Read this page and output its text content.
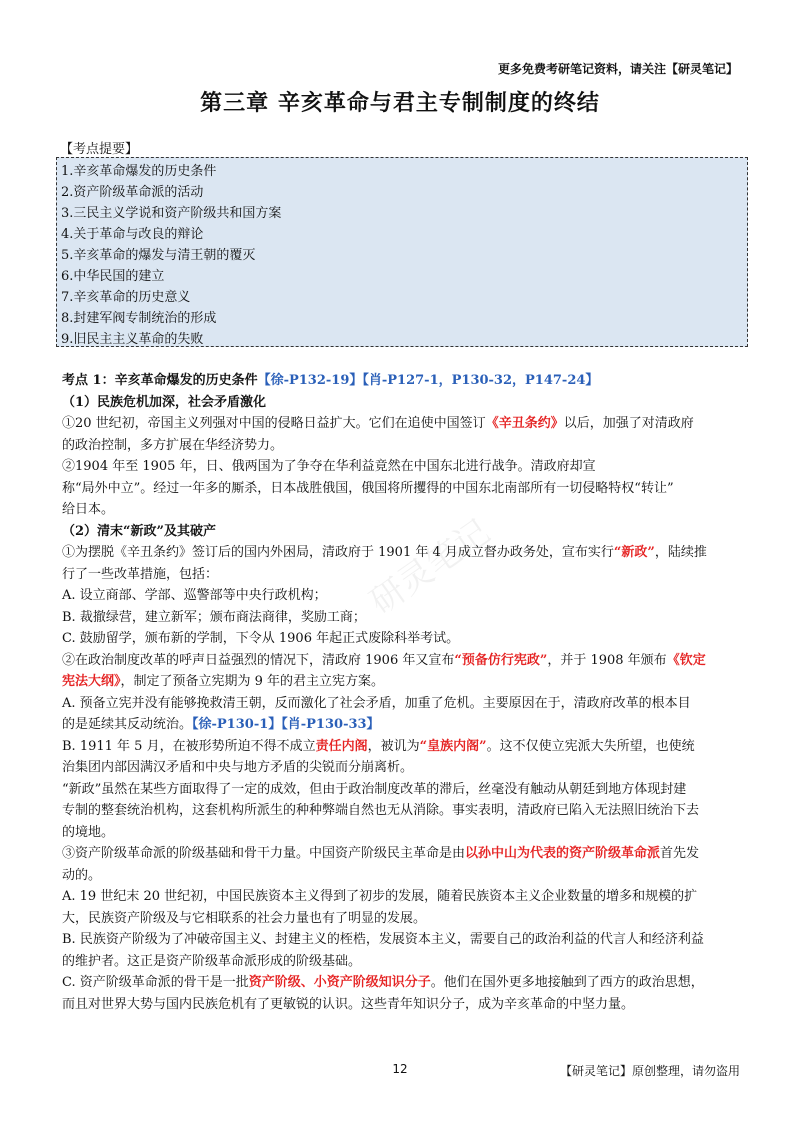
更多免费考研笔记资料，请关注【研灵笔记】
第三章 辛亥革命与君主专制制度的终结
研灵笔记
【考点提要】
1.辛亥革命爆发的历史条件
2.资产阶级革命派的活动
3.三民主义学说和资产阶级共和国方案
4.关于革命与改良的辩论
5.辛亥革命的爆发与清王朝的覆灭
6.中华民国的建立
7.辛亥革命的历史意义
8.封建军阀专制统治的形成
9.旧民主主义革命的失败
考点 1：辛亥革命爆发的历史条件【徐-P132-19】【肖-P127-1，P130-32，P147-24】
（1）民族危机加深，社会矛盾激化
①20 世纪初，帝国主义列强对中国的侵略日益扩大。它们在追使中国签订《辛丑条约》以后，加强了对清政府
的政治控制，多方扩展在华经济势力。
②1904 年至 1905 年，日、俄两国为了争夺在华利益竟然在中国东北进行战争。清政府却宣
称“局外中立”。经过一年多的厮杀，日本战胜俄国，俄国将所攫得的中国东北南部所有一切侵略特权“转让”
给日本。
（2）清末“新政”及其破产
①为摆脱《辛丑条约》签订后的国内外困局，清政府于 1901 年 4 月成立督办政务处，宣布实行“新政”，陆续推
行了一些改革措施，包括：
A. 设立商部、学部、巡警部等中央行政机构；
B. 裁撤绿营，建立新军；颁布商法商律，奖励工商；
C. 鼓励留学，颁布新的学制，下令从 1906 年起正式废除科举考试。
②在政治制度改革的呼声日益强烈的情况下，清政府 1906 年又宣布“预备仿行宪政”，并于 1908 年颁布《钦定
宪法大纲》，制定了预备立宪期为 9 年的君主立宪方案。
A. 预备立宪并没有能够挽救清王朝，反而激化了社会矛盾，加重了危机。主要原因在于，清政府改革的根本目
的是延续其反动统治。【徐-P130-1】【肖-P130-33】
B. 1911 年 5 月，在被形势所迫不得不成立责任内阁，被讥为“皇族内阁”。这不仅使立宪派大失所望，也使统
治集团内部因满汉矛盾和中央与地方矛盾的尖锐而分崩离析。
“新政”虽然在某些方面取得了一定的成效，但由于政治制度改革的滞后，丝毫没有触动从朝廷到地方体现封建
专制的整套统治机构，这套机构所派生的种种弊端自然也无从消除。事实表明，清政府已陷入无法照旧统治下去
的境地。
③资产阶级革命派的阶级基础和骨干力量。中国资产阶级民主革命是由以孙中山为代表的资产阶级革命派首先发
动的。
A. 19 世纪末 20 世纪初，中国民族资本主义得到了初步的发展，随着民族资本主义企业数量的增多和规模的扩
大，民族资产阶级及与它相联系的社会力量也有了明显的发展。
B. 民族资产阶级为了冲破帝国主义、封建主义的桎梏，发展资本主义，需要自己的政治利益的代言人和经济利益
的维护者。这正是资产阶级革命派形成的阶级基础。
C. 资产阶级革命派的骨干是一批资产阶级、小资产阶级知识分子。他们在国外更多地接触到了西方的政治思想，
而且对世界大势与国内民族危机有了更敏锐的认识。这些青年知识分子，成为辛亥革命的中坚力量。
12	【研灵笔记】原创整理，请勿盗用
